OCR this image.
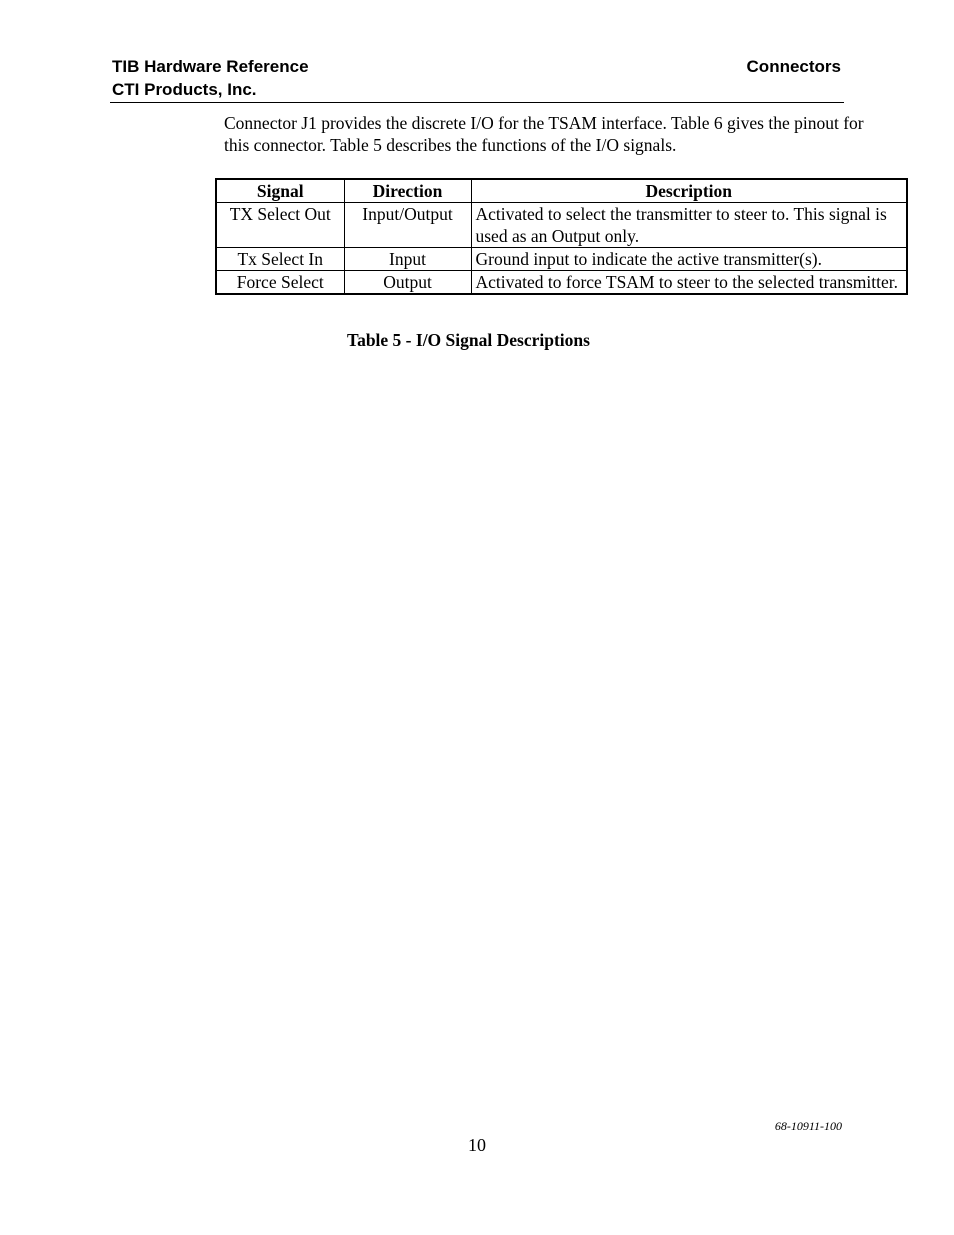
TIB Hardware Reference
CTI Products, Inc.
Connectors

Connector J1 provides the discrete I/O for the TSAM interface. Table 6 gives the pinout for this connector. Table 5 describes the functions of the I/O signals.

Signal	Direction	Description
TX Select Out	Input/Output	Activated to select the transmitter to steer to. This signal is used as an Output only.
Tx Select In	Input	Ground input to indicate the active transmitter(s).
Force Select	Output	Activated to force TSAM to steer to the selected transmitter.
Table 5 - I/O Signal Descriptions
68-10911-100
10
